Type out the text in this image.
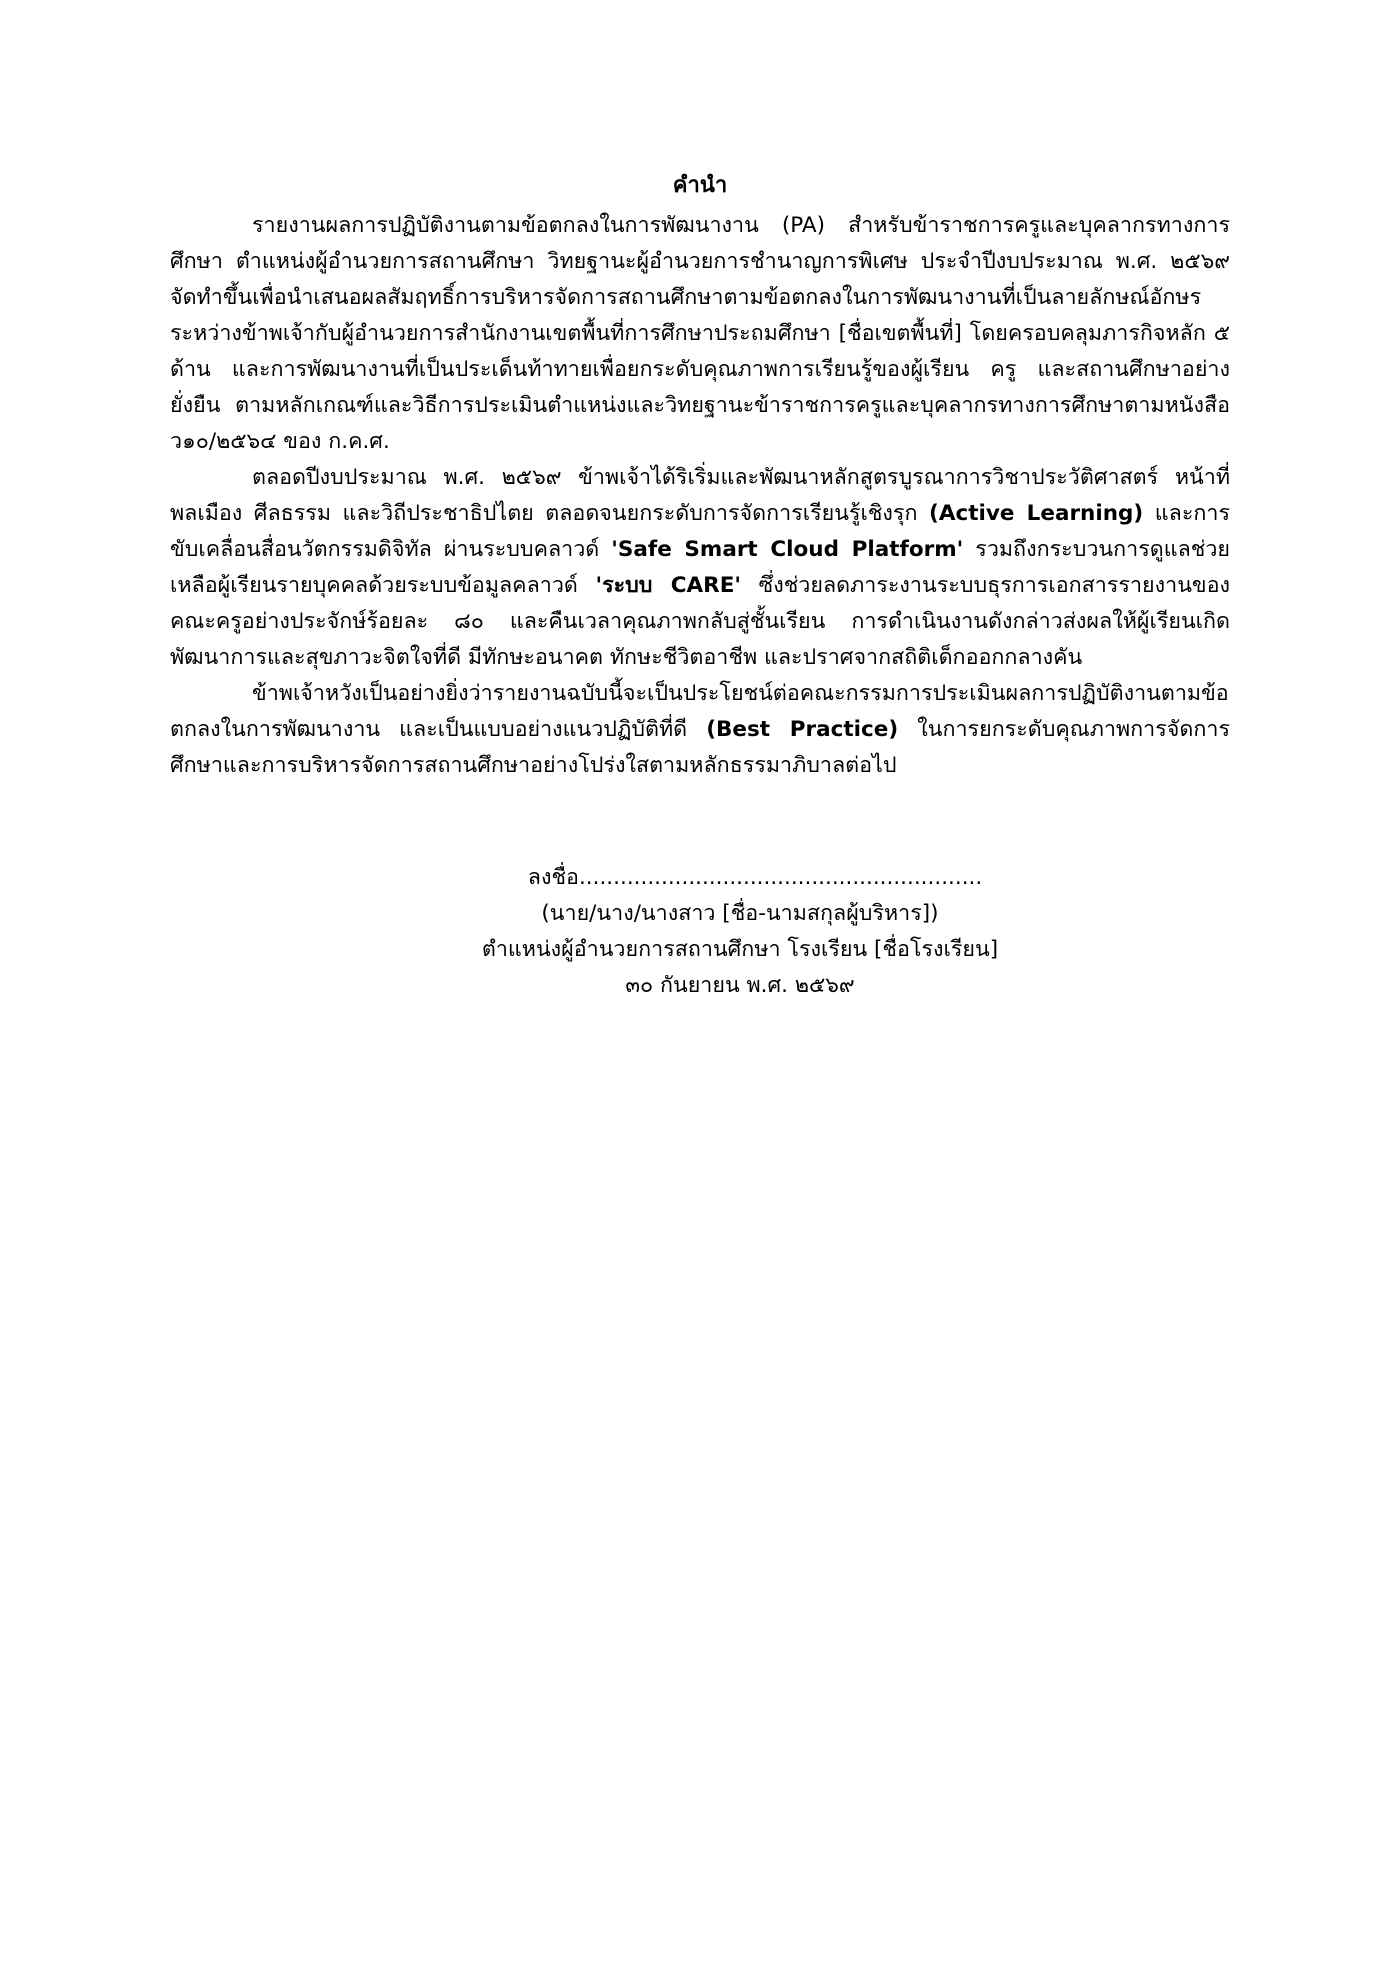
คำนำ

รายงานผลการปฏิบัติงานตามข้อตกลงในการพัฒนางาน (PA) สำหรับข้าราชการครูและบุคลากรทางการศึกษา ตำแหน่งผู้อำนวยการสถานศึกษา วิทยฐานะผู้อำนวยการชำนาญการพิเศษ ประจำปีงบประมาณ พ.ศ. ๒๕๖๙ จัดทำขึ้นเพื่อนำเสนอผลสัมฤทธิ์การบริหารจัดการสถานศึกษาตามข้อตกลงในการพัฒนางานที่เป็นลายลักษณ์อักษร ระหว่างข้าพเจ้ากับผู้อำนวยการสำนักงานเขตพื้นที่การศึกษาประถมศึกษา [ชื่อเขตพื้นที่] โดยครอบคลุมภารกิจหลัก ๕ ด้าน และการพัฒนางานที่เป็นประเด็นท้าทายเพื่อยกระดับคุณภาพการเรียนรู้ของผู้เรียน ครู และสถานศึกษาอย่างยั่งยืน ตามหลักเกณฑ์และวิธีการประเมินตำแหน่งและวิทยฐานะข้าราชการครูและบุคลากรทางการศึกษาตามหนังสือ ว๑๐/๒๕๖๔ ของ ก.ค.ศ.

ตลอดปีงบประมาณ พ.ศ. ๒๕๖๙ ข้าพเจ้าได้ริเริ่มและพัฒนาหลักสูตรบูรณาการวิชาประวัติศาสตร์ หน้าที่พลเมือง ศีลธรรม และวิถีประชาธิปไตย ตลอดจนยกระดับการจัดการเรียนรู้เชิงรุก (Active Learning) และการขับเคลื่อนสื่อนวัตกรรมดิจิทัล ผ่านระบบคลาวด์ 'Safe Smart Cloud Platform' รวมถึงกระบวนการดูแลช่วยเหลือผู้เรียนรายบุคคลด้วยระบบข้อมูลคลาวด์ 'ระบบ CARE' ซึ่งช่วยลดภาระงานระบบธุรการเอกสารรายงานของคณะครูอย่างประจักษ์ร้อยละ ๘๐ และคืนเวลาคุณภาพกลับสู่ชั้นเรียน การดำเนินงานดังกล่าวส่งผลให้ผู้เรียนเกิดพัฒนาการและสุขภาวะจิตใจที่ดี มีทักษะอนาคต ทักษะชีวิตอาชีพ และปราศจากสถิติเด็กออกกลางคัน

ข้าพเจ้าหวังเป็นอย่างยิ่งว่ารายงานฉบับนี้จะเป็นประโยชน์ต่อคณะกรรมการประเมินผลการปฏิบัติงานตามข้อตกลงในการพัฒนางาน และเป็นแบบอย่างแนวปฏิบัติที่ดี (Best Practice) ในการยกระดับคุณภาพการจัดการศึกษาและการบริหารจัดการสถานศึกษาอย่างโปร่งใสตามหลักธรรมาภิบาลต่อไป

ลงชื่อ...........................................................

(นาย/นาง/นางสาว [ชื่อ-นามสกุลผู้บริหาร])

ตำแหน่งผู้อำนวยการสถานศึกษา โรงเรียน [ชื่อโรงเรียน]

๓๐ กันยายน พ.ศ. ๒๕๖๙
